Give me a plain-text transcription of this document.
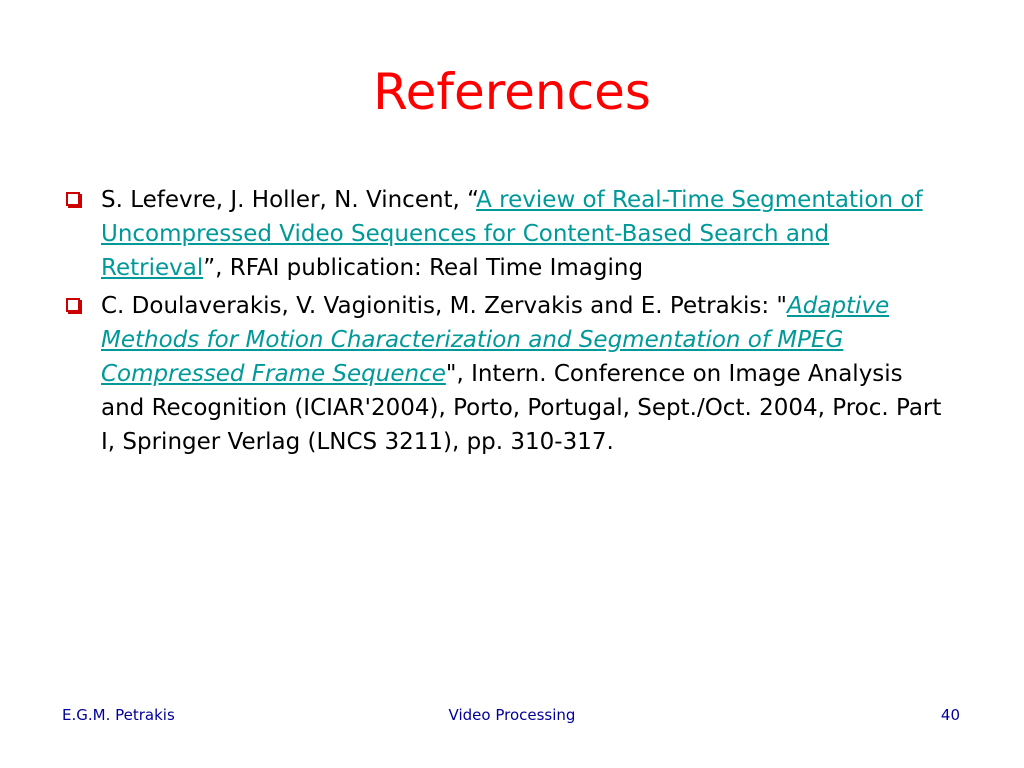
References
S. Lefevre, J. Holler, N. Vincent, “A review of Real-Time Segmentation of Uncompressed Video Sequences for Content-Based Search and Retrieval”, RFAI publication: Real Time Imaging
C. Doulaverakis, V. Vagionitis, M. Zervakis and E. Petrakis: "Adaptive Methods for Motion Characterization and Segmentation of MPEG Compressed Frame Sequence", Intern. Conference on Image Analysis and Recognition (ICIAR'2004), Porto, Portugal, Sept./Oct. 2004, Proc. Part I, Springer Verlag (LNCS 3211), pp. 310-317.
E.G.M. Petrakis	Video Processing	40
